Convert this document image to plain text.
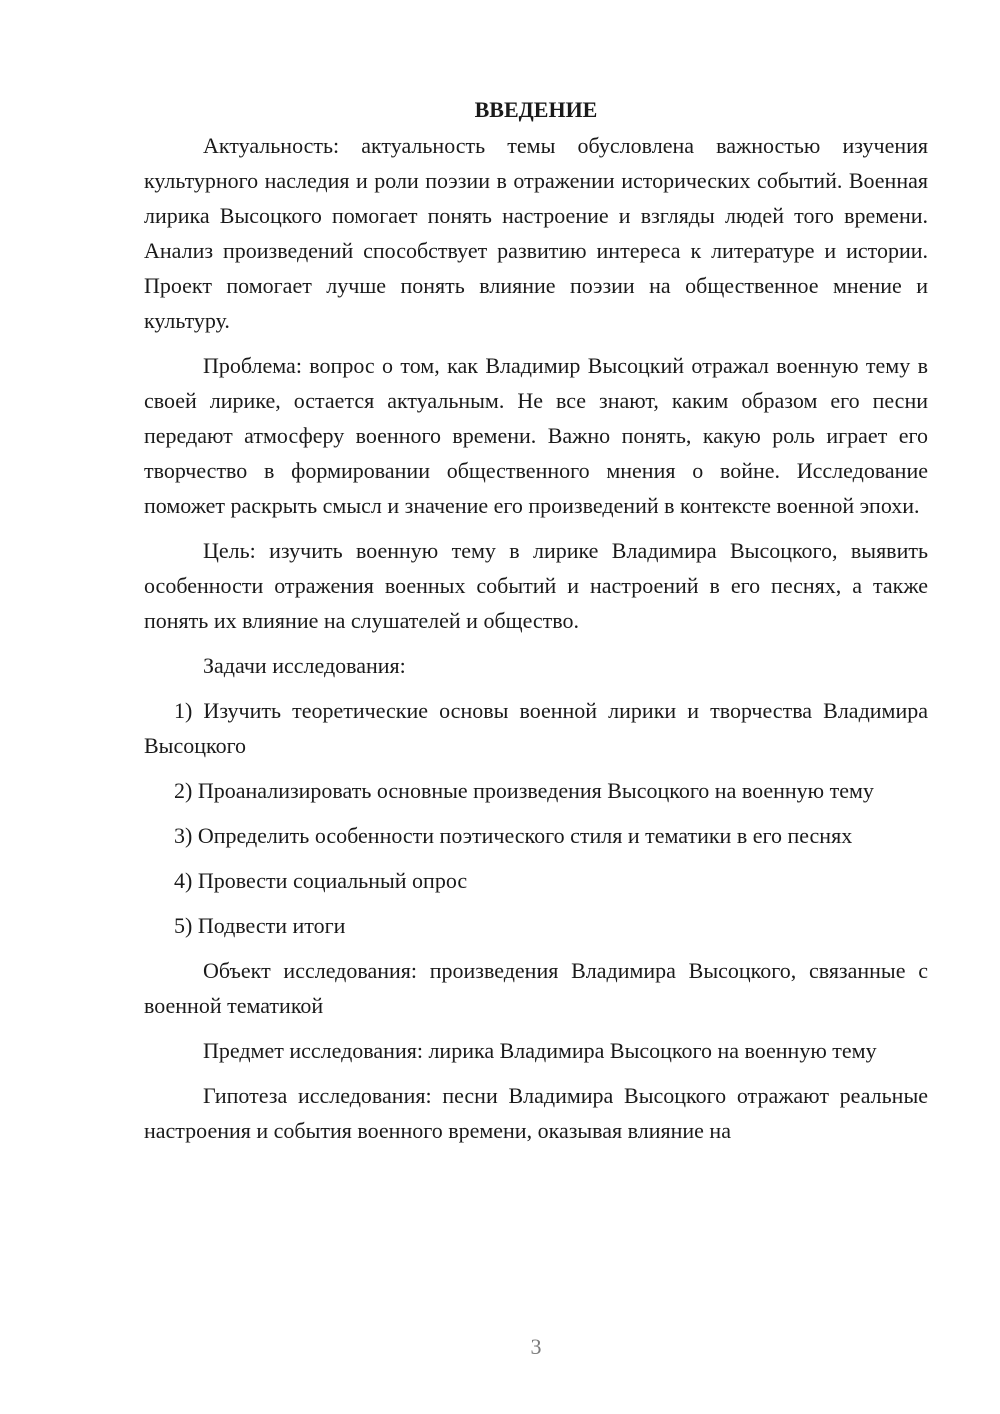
ВВЕДЕНИЕ

Актуальность: актуальность темы обусловлена важностью изучения культурного наследия и роли поэзии в отражении исторических событий. Военная лирика Высоцкого помогает понять настроение и взгляды людей того времени. Анализ произведений способствует развитию интереса к литературе и истории. Проект помогает лучше понять влияние поэзии на общественное мнение и культуру.

Проблема: вопрос о том, как Владимир Высоцкий отражал военную тему в своей лирике, остается актуальным. Не все знают, каким образом его песни передают атмосферу военного времени. Важно понять, какую роль играет его творчество в формировании общественного мнения о войне. Исследование поможет раскрыть смысл и значение его произведений в контексте военной эпохи.

Цель: изучить военную тему в лирике Владимира Высоцкого, выявить особенности отражения военных событий и настроений в его песнях, а также понять их влияние на слушателей и общество.

Задачи исследования:

1) Изучить теоретические основы военной лирики и творчества Владимира Высоцкого

2) Проанализировать основные произведения Высоцкого на военную тему

3) Определить особенности поэтического стиля и тематики в его песнях

4) Провести социальный опрос

5) Подвести итоги

Объект исследования: произведения Владимира Высоцкого, связанные с военной тематикой

Предмет исследования: лирика Владимира Высоцкого на военную тему

Гипотеза исследования: песни Владимира Высоцкого отражают реальные настроения и события военного времени, оказывая влияние на

3
